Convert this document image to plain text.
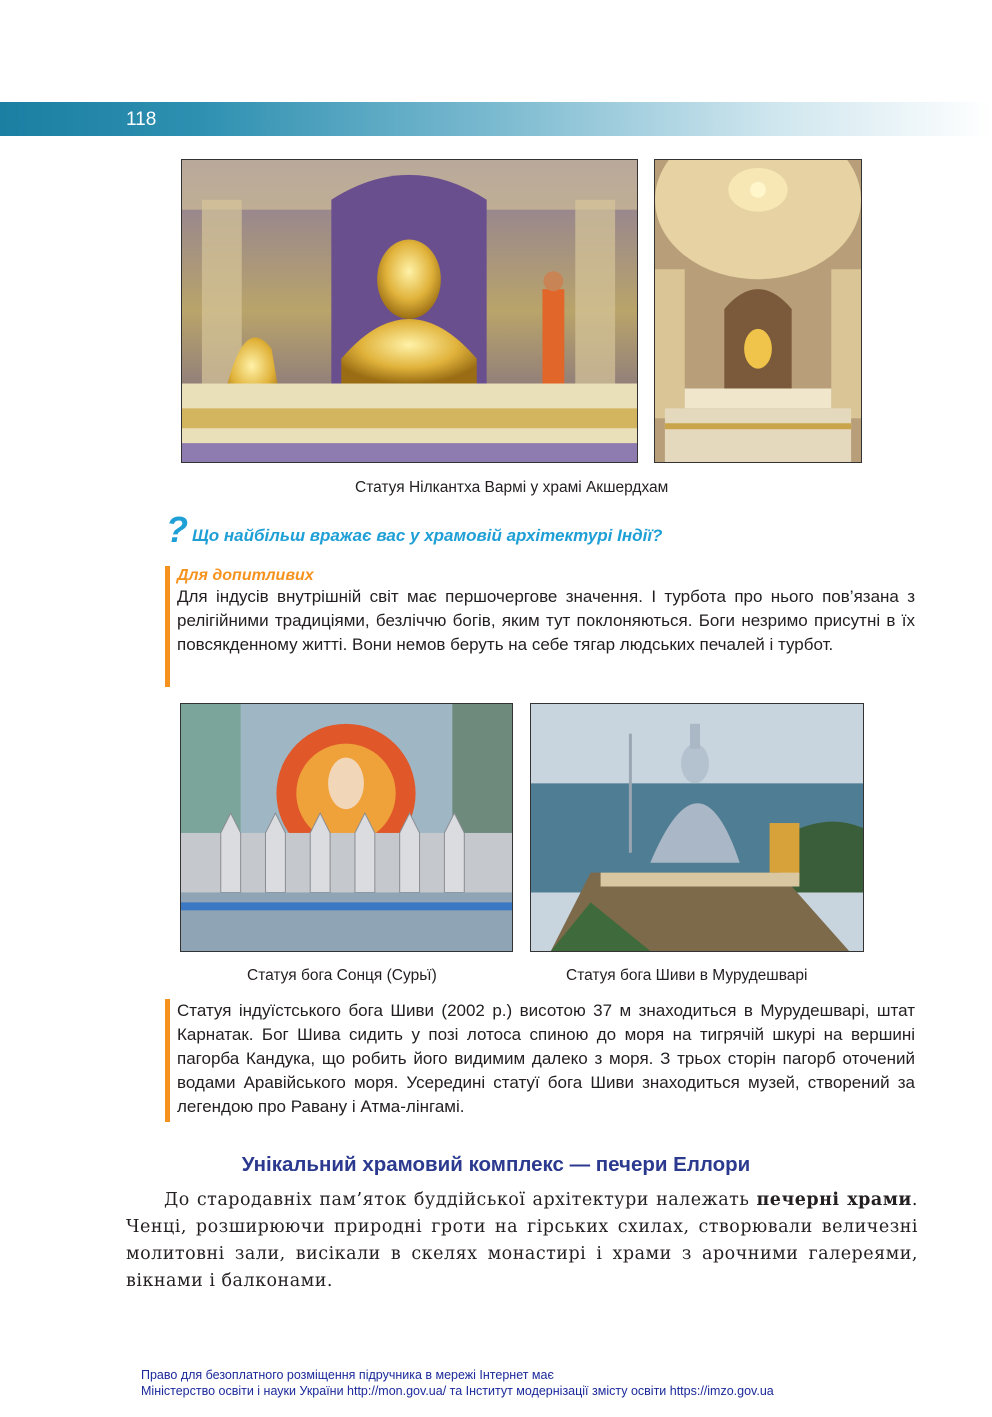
118
Статуя Нілкантха Вармі у храмі Акшердхам
? Що найбільш вражає вас у храмовій архітектурі Індії?
Для допитливих

Для індусів внутрішній світ має першочергове значення. І турбота про нього пов’язана з релігійними традиціями, безліччю богів, яким тут поклоняються. Боги незримо присутні в їх повсякденному житті. Вони немов беруть на себе тягар людських печалей і турбот.

Статуя бога Сонця (Сурьї)	Статуя бога Шиви в Мурудешварі

Статуя індуїстського бога Шиви (2002 р.) висотою 37 м знаходиться в Мурудешварі, штат Карнатак. Бог Шива сидить у позі лотоса спиною до моря на тигрячій шкурі на вершині пагорба Кандука, що робить його видимим далеко з моря. З трьох сторін пагорб оточений водами Аравійського моря. Усередині статуї бога Шиви знаходиться музей, створений за легендою про Равану і Атма-лінгамі.

Унікальний храмовий комплекс — печери Еллори

До стародавніх пам’яток буддійської архітектури належать печерні храми. Ченці, розширюючи природні гроти на гірських схилах, створювали величезні молитовні зали, висікали в скелях монастирі і храми з арочними галереями, вікнами і балконами.

Право для безоплатного розміщення підручника в мережі Інтернет має
Міністерство освіти і науки України http://mon.gov.ua/ та Інститут модернізації змісту освіти https://imzo.gov.ua
